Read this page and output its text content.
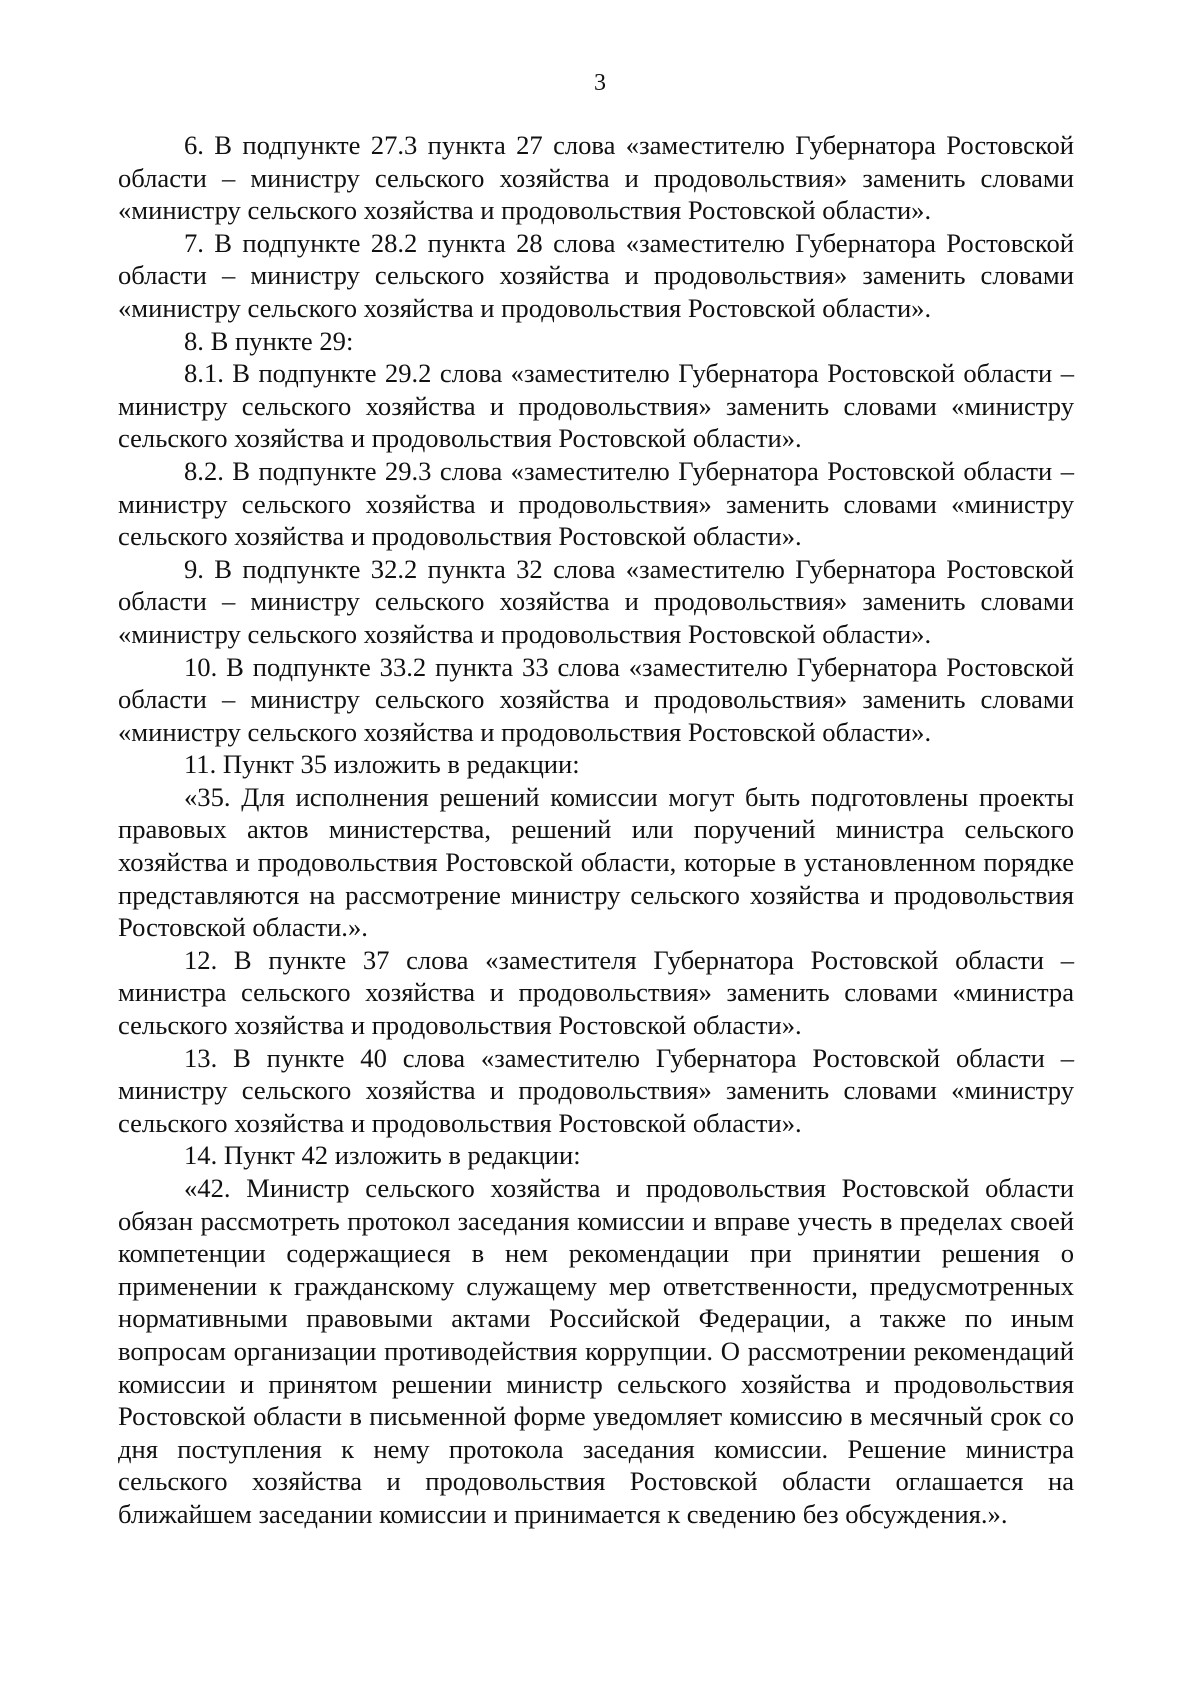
3

6. В подпункте 27.3 пункта 27 слова «заместителю Губернатора Ростовской области – министру сельского хозяйства и продовольствия» заменить словами «министру сельского хозяйства и продовольствия Ростовской области».

7. В подпункте 28.2 пункта 28 слова «заместителю Губернатора Ростовской области – министру сельского хозяйства и продовольствия» заменить словами «министру сельского хозяйства и продовольствия Ростовской области».

8. В пункте 29:

8.1. В подпункте 29.2 слова «заместителю Губернатора Ростовской области – министру сельского хозяйства и продовольствия» заменить словами «министру сельского хозяйства и продовольствия Ростовской области».

8.2. В подпункте 29.3 слова «заместителю Губернатора Ростовской области – министру сельского хозяйства и продовольствия» заменить словами «министру сельского хозяйства и продовольствия Ростовской области».

9. В подпункте 32.2 пункта 32 слова «заместителю Губернатора Ростовской области – министру сельского хозяйства и продовольствия» заменить словами «министру сельского хозяйства и продовольствия Ростовской области».

10. В подпункте 33.2 пункта 33 слова «заместителю Губернатора Ростовской области – министру сельского хозяйства и продовольствия» заменить словами «министру сельского хозяйства и продовольствия Ростовской области».

11. Пункт 35 изложить в редакции:

«35. Для исполнения решений комиссии могут быть подготовлены проекты правовых актов министерства, решений или поручений министра сельского хозяйства и продовольствия Ростовской области, которые в установленном порядке представляются на рассмотрение министру сельского хозяйства и продовольствия Ростовской области.».

12. В пункте 37 слова «заместителя Губернатора Ростовской области – министра сельского хозяйства и продовольствия» заменить словами «министра сельского хозяйства и продовольствия Ростовской области».

13. В пункте 40 слова «заместителю Губернатора Ростовской области – министру сельского хозяйства и продовольствия» заменить словами «министру сельского хозяйства и продовольствия Ростовской области».

14. Пункт 42 изложить в редакции:

«42. Министр сельского хозяйства и продовольствия Ростовской области обязан рассмотреть протокол заседания комиссии и вправе учесть в пределах своей компетенции содержащиеся в нем рекомендации при принятии решения о применении к гражданскому служащему мер ответственности, предусмотренных нормативными правовыми актами Российской Федерации, а также по иным вопросам организации противодействия коррупции. О рассмотрении рекомендаций комиссии и принятом решении министр сельского хозяйства и продовольствия Ростовской области в письменной форме уведомляет комиссию в месячный срок со дня поступления к нему протокола заседания комиссии. Решение министра сельского хозяйства и продовольствия Ростовской области оглашается на ближайшем заседании комиссии и принимается к сведению без обсуждения.».
